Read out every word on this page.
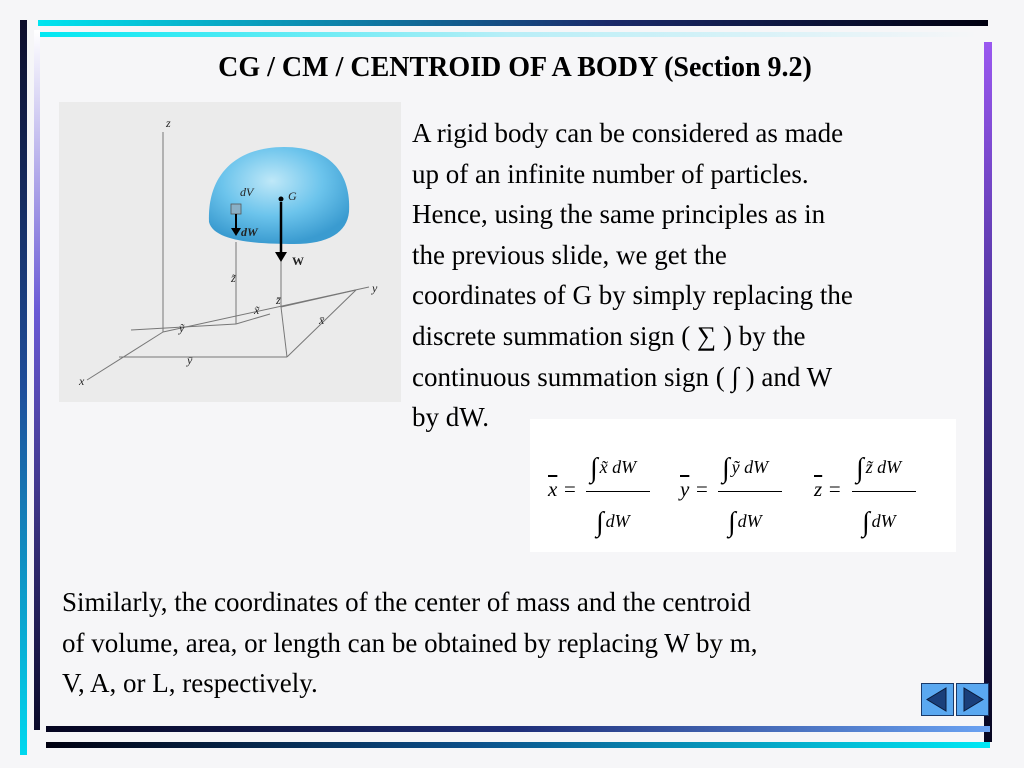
CG / CM / CENTROID OF A BODY (Section 9.2)
z
y
x
dV	G
dW
W
z̃
z̄
x̃
x̄
ỹ
ȳ
A rigid body can be considered as made
up of an infinite number of particles.
Hence, using the same principles as in
the previous slide, we get the
coordinates of G by simply replacing the
discrete summation sign ( ∑ ) by the
continuous summation sign ( ∫ ) and W
by dW.
$\overline{x}$ =
∫ x̃ dW
∫ dW
$\overline{y}$ =
∫ ỹ dW
∫ dW
$\overline{z}$ =
∫ z̃ dW
∫ dW
Similarly, the coordinates of the center of mass and the centroid
of volume, area, or length can be obtained by replacing W by m,
V, A, or L, respectively.
